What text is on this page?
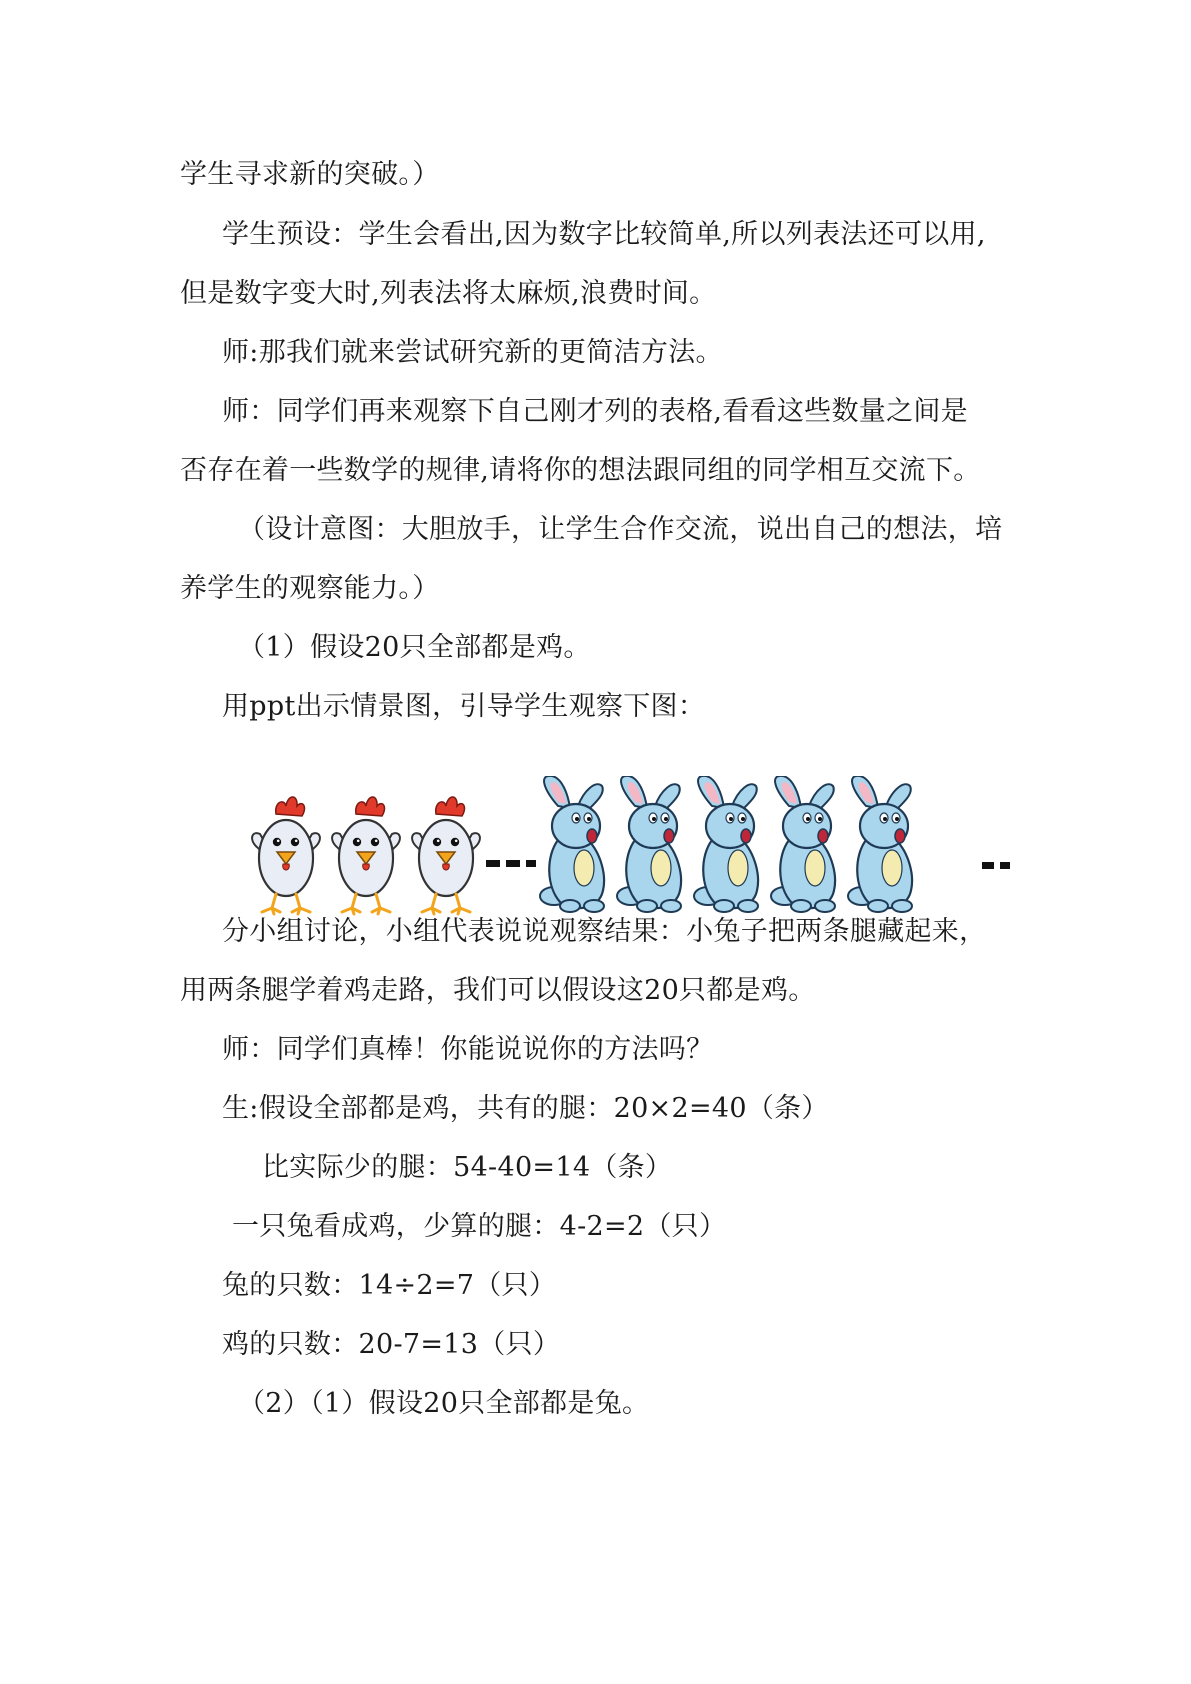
学生寻求新的突破。）
学生预设：学生会看出,因为数字比较简单,所以列表法还可以用,
但是数字变大时,列表法将太麻烦,浪费时间。
师:那我们就来尝试研究新的更简洁方法。
师：同学们再来观察下自己刚才列的表格,看看这些数量之间是
否存在着一些数学的规律,请将你的想法跟同组的同学相互交流下。
（设计意图：大胆放手，让学生合作交流，说出自己的想法，培
养学生的观察能力。）
（1）假设20只全部都是鸡。
用ppt出示情景图，引导学生观察下图：
分小组讨论，小组代表说说观察结果：小兔子把两条腿藏起来，
用两条腿学着鸡走路，我们可以假设这20只都是鸡。
师：同学们真棒！你能说说你的方法吗？
生:假设全部都是鸡，共有的腿：20×2=40（条）
比实际少的腿：54-40=14（条）
一只兔看成鸡，少算的腿：4-2=2（只）
兔的只数：14÷2=7（只）
鸡的只数：20-7=13（只）
（2）（1）假设20只全部都是兔。
